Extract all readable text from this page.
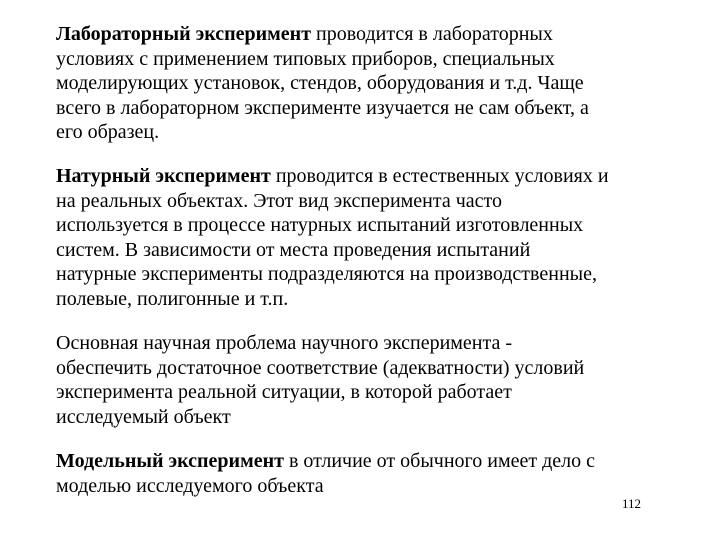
Лабораторный эксперимент проводится в лабораторных
условиях с применением типовых приборов, специальных
моделирующих установок, стендов, оборудования и т.д. Чаще
всего в лабораторном эксперименте изучается не сам объект, а
его образец.

Натурный эксперимент проводится в естественных условиях и
на реальных объектах. Этот вид эксперимента часто
используется в процессе натурных испытаний изготовленных
систем. В зависимости от места проведения испытаний
натурные эксперименты подразделяются на производственные,
полевые, полигонные и т.п.

Основная научная проблема научного эксперимента -
обеспечить достаточное соответствие (адекватности) условий
эксперимента реальной ситуации, в которой работает
исследуемый объект

Модельный эксперимент в отличие от обычного имеет дело с
моделью исследуемого объекта

112
